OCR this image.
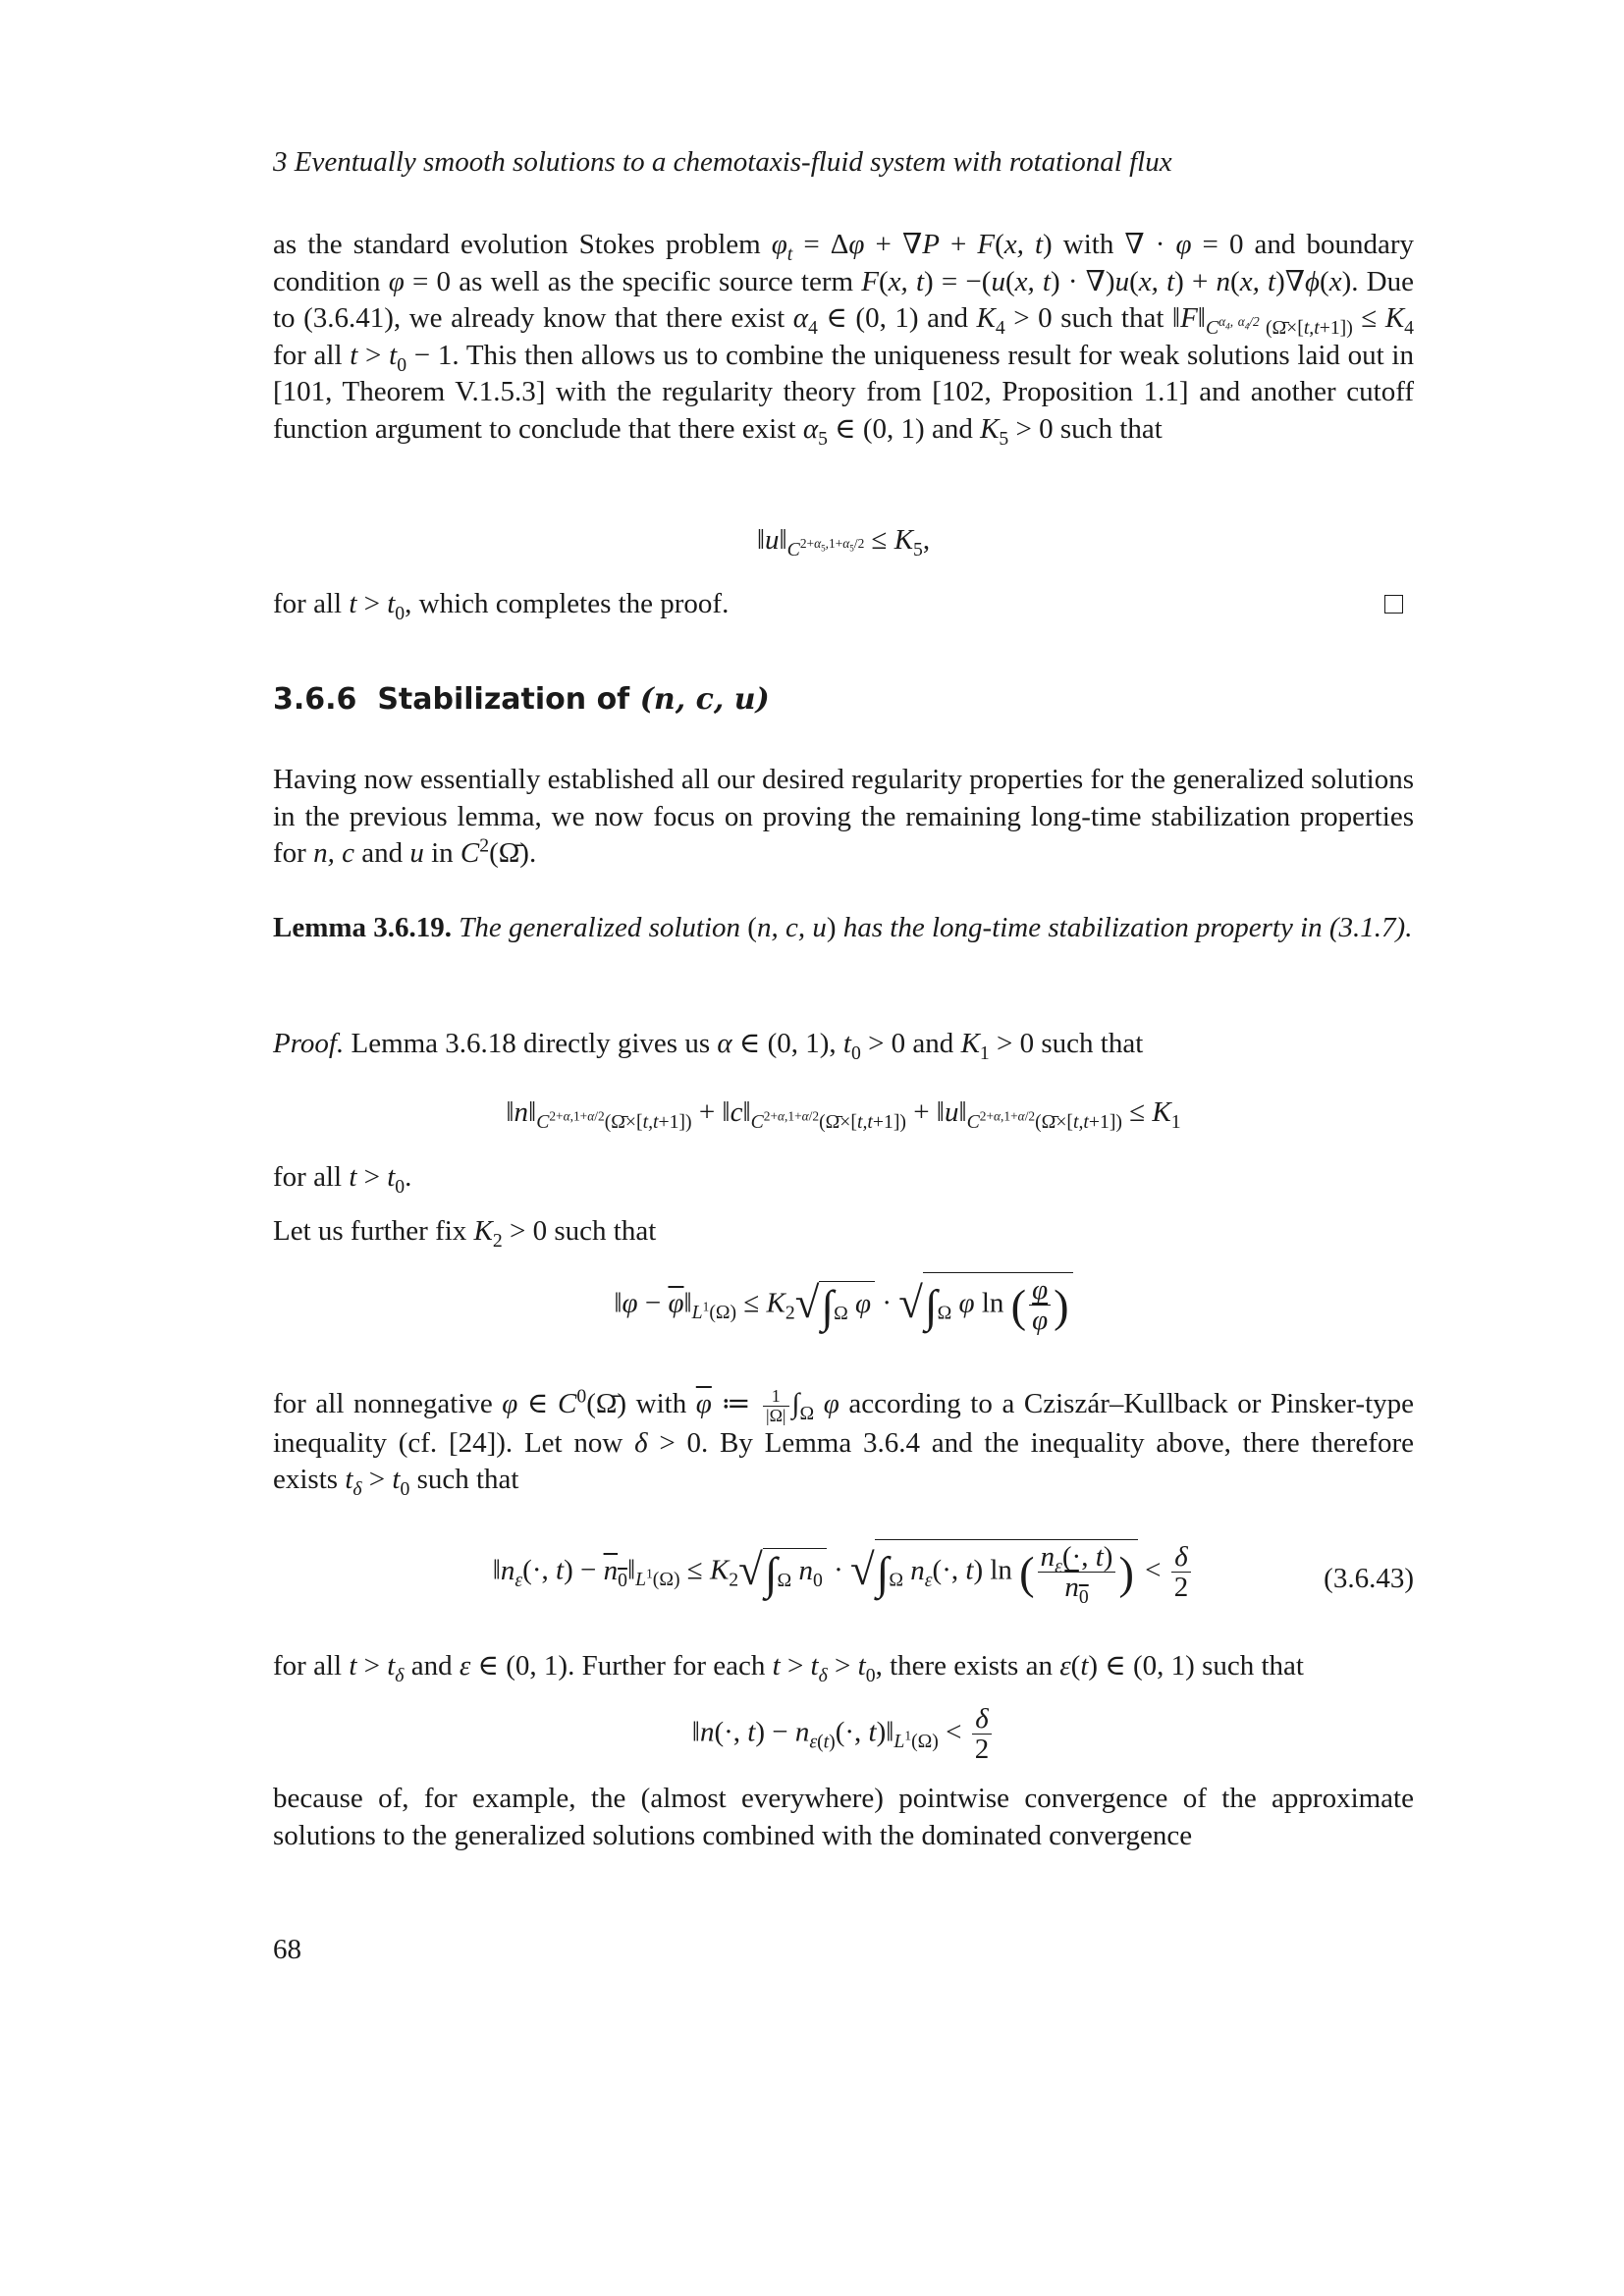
3 Eventually smooth solutions to a chemotaxis-fluid system with rotational flux

as the standard evolution Stokes problem $\varphi_t = \Delta\varphi + \nabla P + F(x$, t) with ∇ · φ = 0 and boundary condition φ = 0 as well as the specific source term F(x, t) = −(u(x, t) · ∇)u(x, t) + n(x, t)∇ϕ(x). Due to (3.6.41), we already know that there exist $\alpha_4$ ∈ (0, 1) and $K_4 > 0$ such that $‖F‖_{C^{\alpha_4, \alpha_4/2} (\Omegā\times[t,t+1])} \le K_4$ for all $t > t_0 - 1$. This then allows us to combine the uniqueness result for weak solutions laid out in [101, Theorem V.1.5.3] with the regularity theory from [102, Proposition 1.1] and another cutoff function argument to conclude that there exist $\alpha_5$ ∈ (0, 1) and $K_5 > 0$ such that

$‖u‖_{C^{2+\alpha_5,1+\alpha_5/2}} \le K_5$,

for all $t > t_0$, which completes the proof.

3.6.6 Stabilization of (n, c, u)

Having now essentially established all our desired regularity properties for the generalized solutions in the previous lemma, we now focus on proving the remaining long-time stabilization properties for n, c and u in $C^2(\Omegā)$.

Lemma 3.6.19. The generalized solution (n, c, u) has the long-time stabilization property in (3.1.7).

Proof. Lemma 3.6.18 directly gives us α ∈ (0, 1), $t_0 > 0$ and $K_1 > 0$ such that

$‖n‖_{C^{2+\alpha,1+\alpha/2}(\Omegā\times[t,t+1])}$ + $‖c‖_{C^{2+\alpha,1+\alpha/2}(\Omegā\times[t,t+1])}$ + $‖u‖_{C^{2+\alpha,1+\alpha/2}(\Omegā\times[t,t+1])} \le K_1$

for all $t > t_0$.

Let us further fix $K_2 > 0$ such that

‖φ − $\overline{\varphi}‖_{L^1(\Omega)} \le K_2√\int_\Omega$ $\varphi \cdot √\int_\Omega$ φ ln ( $\frac{\varphi}{\varphi}$ )

for all nonnegative φ ∈ $C^0(\Omegā)$ with $\overline{\varphi}$ ≔ $\frac{1}{|\Omega|} \int_\Omega$ φ according to a Cziszár–Kullback or Pinsker-type inequality (cf. [24]). Let now δ > 0. By Lemma 3.6.4 and the inequality above, there therefore exists $t_\delta > t_0$ such that

$‖n_\varepsilon(\cdot$, $t) - n_0‖_{L^1(\Omega)} \le K_2√\int_\Omega$ $n_0 \cdot √\int_\Omega$ $n_\varepsilon(\cdot$, t) ln ( $\frac{n_\varepsilon(\cdot, t)}{n_0}$ ) < $\frac{\delta}{2}$	(3.6.43)

for all $t > t_\delta$ and ε ∈ (0, 1). Further for each $t > t_\delta > t_0$, there exists an ε(t) ∈ (0, 1) such that

‖n(·, $t) - n_{\varepsilon(t)}(\cdot$, $t)‖_{L^1(\Omega)} < \frac{\delta}{2}$

because of, for example, the (almost everywhere) pointwise convergence of the approximate solutions to the generalized solutions combined with the dominated convergence

68
